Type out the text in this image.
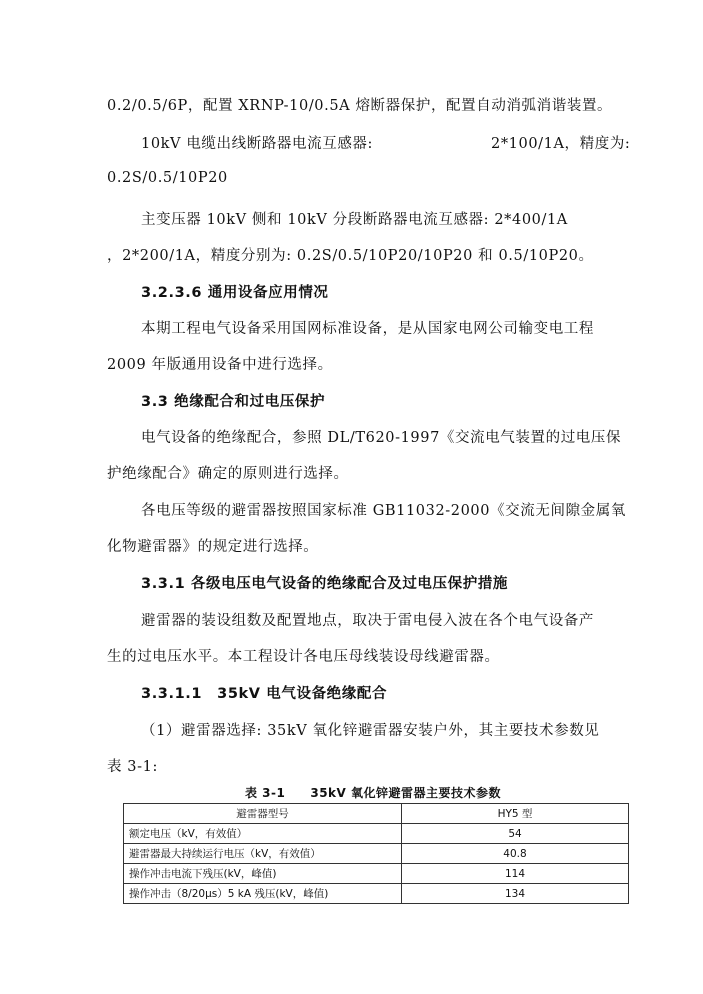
0.2/0.5/6P，配置 XRNP-10/0.5A 熔断器保护，配置自动消弧消谐装置。
10kV 电缆出线断路器电流互感器:	2*100/1A，精度为:
0.2S/0.5/10P20
主变压器 10kV 侧和 10kV 分段断路器电流互感器: 2*400/1A
，2*200/1A，精度分别为: 0.2S/0.5/10P20/10P20 和 0.5/10P20。
3.2.3.6 通用设备应用情况
本期工程电气设备采用国网标准设备，是从国家电网公司输变电工程
2009 年版通用设备中进行选择。
3.3 绝缘配合和过电压保护
电气设备的绝缘配合，参照 DL/T620-1997《交流电气装置的过电压保
护绝缘配合》确定的原则进行选择。
各电压等级的避雷器按照国家标准 GB11032-2000《交流无间隙金属氧
化物避雷器》的规定进行选择。
3.3.1 各级电压电气设备的绝缘配合及过电压保护措施
避雷器的装设组数及配置地点，取决于雷电侵入波在各个电气设备产
生的过电压水平。本工程设计各电压母线装设母线避雷器。
3.3.1.1　35kV 电气设备绝缘配合
（1）避雷器选择: 35kV 氧化锌避雷器安装户外，其主要技术参数见
表 3-1:
表 3-1　　35kV 氧化锌避雷器主要技术参数
避雷器型号	HY5 型
额定电压（kV，有效值）	54
避雷器最大持续运行电压（kV，有效值）	40.8
操作冲击电流下残压(kV，峰值)	114
操作冲击（8/20μs）5 kA 残压(kV，峰值)	134
